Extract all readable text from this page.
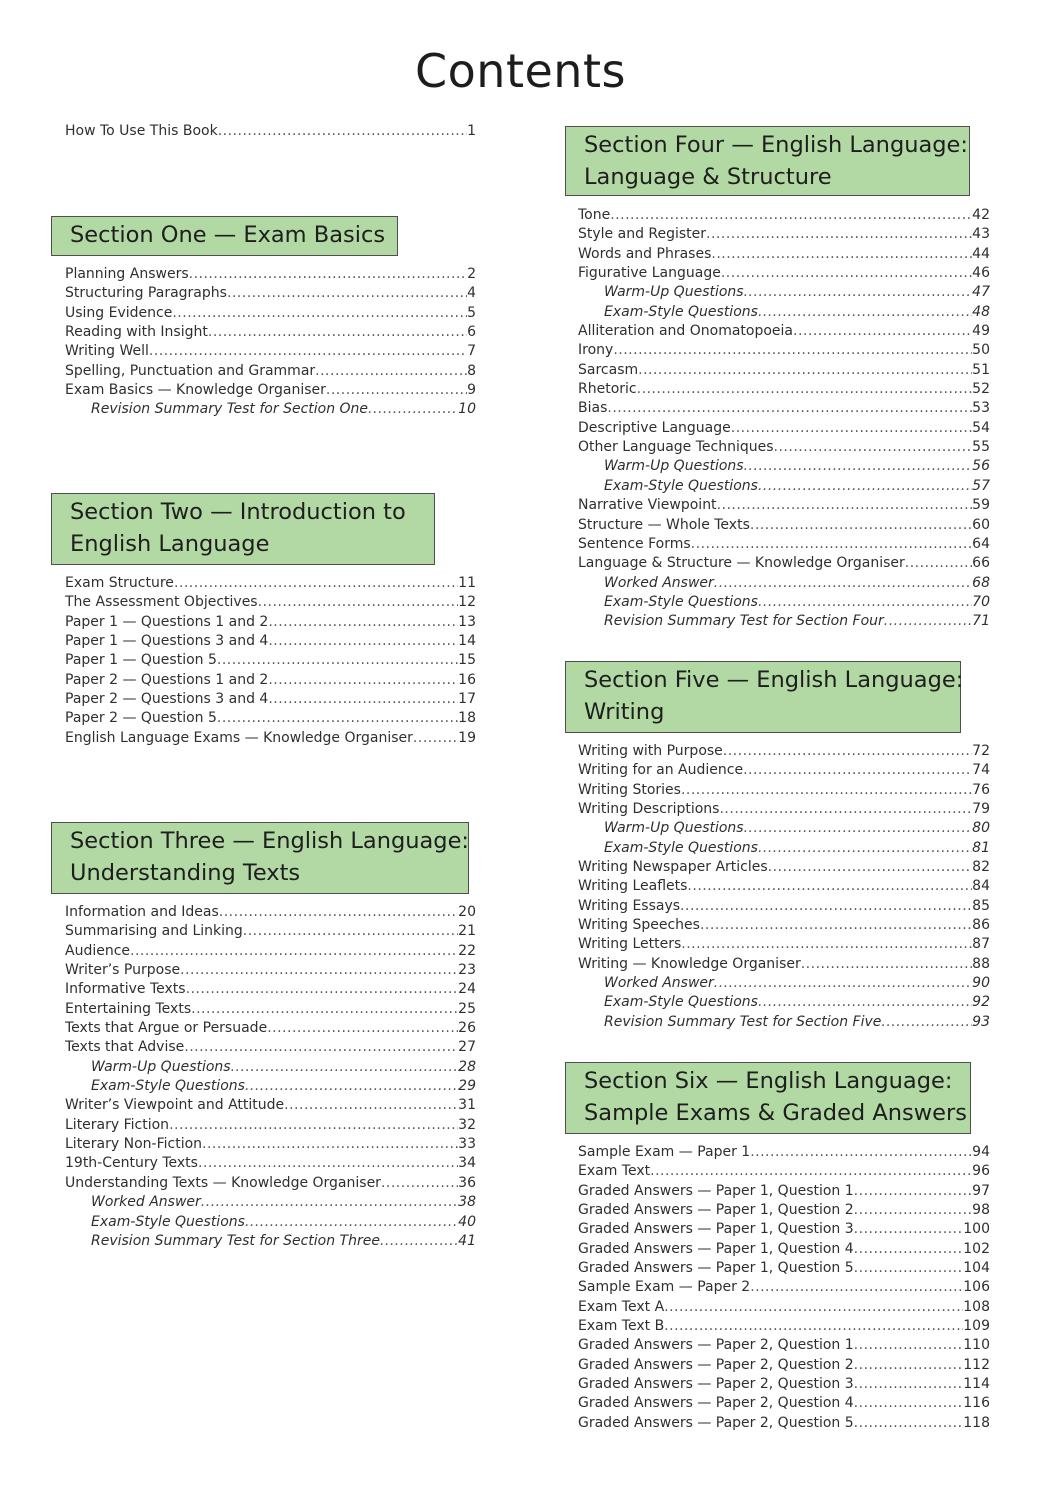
Contents
How To Use This Book .....	1
Section One — Exam Basics
Planning Answers .....	2
Structuring Paragraphs .....	4
Using Evidence .....	5
Reading with Insight .....	6
Writing Well .....	7
Spelling, Punctuation and Grammar .....	8
Exam Basics — Knowledge Organiser .....	9
Revision Summary Test for Section One .....	10
Section Two — Introduction to
English Language
Exam Structure .....	11
The Assessment Objectives .....	12
Paper 1 — Questions 1 and 2 .....	13
Paper 1 — Questions 3 and 4 .....	14
Paper 1 — Question 5 .....	15
Paper 2 — Questions 1 and 2 .....	16
Paper 2 — Questions 3 and 4 .....	17
Paper 2 — Question 5 .....	18
English Language Exams — Knowledge Organiser .....	19
Section Three — English Language:
Understanding Texts
Information and Ideas .....	20
Summarising and Linking .....	21
Audience .....	22
Writer’s Purpose .....	23
Informative Texts .....	24
Entertaining Texts .....	25
Texts that Argue or Persuade .....	26
Texts that Advise .....	27
Warm-Up Questions .....	28
Exam-Style Questions .....	29
Writer’s Viewpoint and Attitude .....	31
Literary Fiction .....	32
Literary Non-Fiction .....	33
19th-Century Texts .....	34
Understanding Texts — Knowledge Organiser .....	36
Worked Answer .....	38
Exam-Style Questions .....	40
Revision Summary Test for Section Three .....	41
Section Four — English Language:
Language & Structure
Tone .....	42
Style and Register .....	43
Words and Phrases .....	44
Figurative Language .....	46
Warm-Up Questions .....	47
Exam-Style Questions .....	48
Alliteration and Onomatopoeia .....	49
Irony .....	50
Sarcasm .....	51
Rhetoric .....	52
Bias .....	53
Descriptive Language .....	54
Other Language Techniques .....	55
Warm-Up Questions .....	56
Exam-Style Questions .....	57
Narrative Viewpoint .....	59
Structure — Whole Texts .....	60
Sentence Forms .....	64
Language & Structure — Knowledge Organiser .....	66
Worked Answer .....	68
Exam-Style Questions .....	70
Revision Summary Test for Section Four .....	71
Section Five — English Language:
Writing
Writing with Purpose .....	72
Writing for an Audience .....	74
Writing Stories .....	76
Writing Descriptions .....	79
Warm-Up Questions .....	80
Exam-Style Questions .....	81
Writing Newspaper Articles .....	82
Writing Leaflets .....	84
Writing Essays .....	85
Writing Speeches .....	86
Writing Letters .....	87
Writing — Knowledge Organiser .....	88
Worked Answer .....	90
Exam-Style Questions .....	92
Revision Summary Test for Section Five .....	93
Section Six — English Language:
Sample Exams & Graded Answers
Sample Exam — Paper 1 .....	94
Exam Text .....	96
Graded Answers — Paper 1, Question 1 .....	97
Graded Answers — Paper 1, Question 2 .....	98
Graded Answers — Paper 1, Question 3 .....	100
Graded Answers — Paper 1, Question 4 .....	102
Graded Answers — Paper 1, Question 5 .....	104
Sample Exam — Paper 2 .....	106
Exam Text A .....	108
Exam Text B .....	109
Graded Answers — Paper 2, Question 1 .....	110
Graded Answers — Paper 2, Question 2 .....	112
Graded Answers — Paper 2, Question 3 .....	114
Graded Answers — Paper 2, Question 4 .....	116
Graded Answers — Paper 2, Question 5 .....	118
